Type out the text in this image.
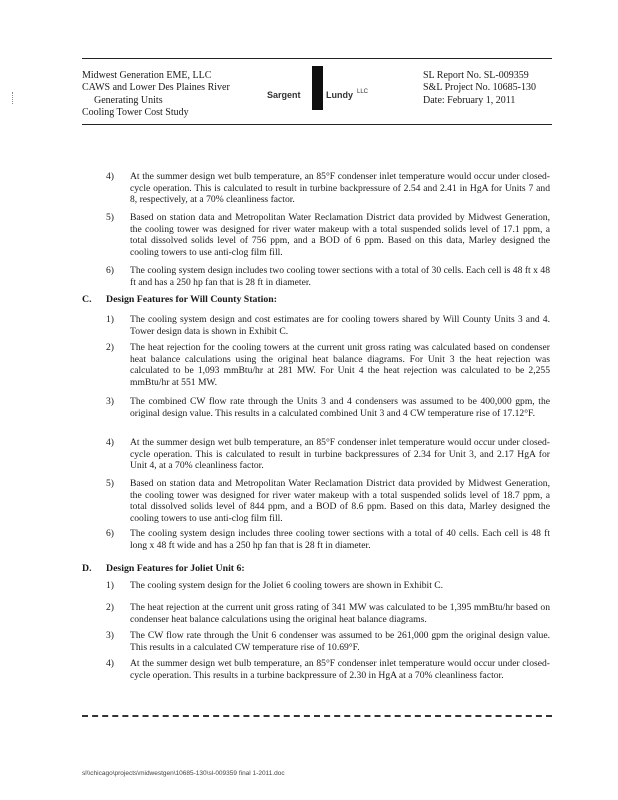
Midwest Generation EME, LLC
CAWS and Lower Des Plaines River
Generating Units
Cooling Tower Cost Study
Sargent	Lundy LLC
SL Report No. SL-009359
S&L Project No. 10685-130
Date: February 1, 2011
4) At the summer design wet bulb temperature, an 85°F condenser inlet temperature would occur under closed-cycle operation. This is calculated to result in turbine backpressure of 2.54 and 2.41 in HgA for Units 7 and 8, respectively, at a 70% cleanliness factor.
5) Based on station data and Metropolitan Water Reclamation District data provided by Midwest Generation, the cooling tower was designed for river water makeup with a total suspended solids level of 17.1 ppm, a total dissolved solids level of 756 ppm, and a BOD of 6 ppm. Based on this data, Marley designed the cooling towers to use anti-clog film fill.
6) The cooling system design includes two cooling tower sections with a total of 30 cells. Each cell is 48 ft x 48 ft and has a 250 hp fan that is 28 ft in diameter.
C. Design Features for Will County Station:
1) The cooling system design and cost estimates are for cooling towers shared by Will County Units 3 and 4. Tower design data is shown in Exhibit C.
2) The heat rejection for the cooling towers at the current unit gross rating was calculated based on condenser heat balance calculations using the original heat balance diagrams. For Unit 3 the heat rejection was calculated to be 1,093 mmBtu/hr at 281 MW. For Unit 4 the heat rejection was calculated to be 2,255 mmBtu/hr at 551 MW.
3) The combined CW flow rate through the Units 3 and 4 condensers was assumed to be 400,000 gpm, the original design value. This results in a calculated combined Unit 3 and 4 CW temperature rise of 17.12°F.
4) At the summer design wet bulb temperature, an 85°F condenser inlet temperature would occur under closed-cycle operation. This is calculated to result in turbine backpressures of 2.34 for Unit 3, and 2.17 HgA for Unit 4, at a 70% cleanliness factor.
5) Based on station data and Metropolitan Water Reclamation District data provided by Midwest Generation, the cooling tower was designed for river water makeup with a total suspended solids level of 18.7 ppm, a total dissolved solids level of 844 ppm, and a BOD of 8.6 ppm. Based on this data, Marley designed the cooling towers to use anti-clog film fill.
6) The cooling system design includes three cooling tower sections with a total of 40 cells. Each cell is 48 ft long x 48 ft wide and has a 250 hp fan that is 28 ft in diameter.
D. Design Features for Joliet Unit 6:
1) The cooling system design for the Joliet 6 cooling towers are shown in Exhibit C.
2) The heat rejection at the current unit gross rating of 341 MW was calculated to be 1,395 mmBtu/hr based on condenser heat balance calculations using the original heat balance diagrams.
3) The CW flow rate through the Unit 6 condenser was assumed to be 261,000 gpm the original design value. This results in a calculated CW temperature rise of 10.69°F.
4) At the summer design wet bulb temperature, an 85°F condenser inlet temperature would occur under closed-cycle operation. This results in a turbine backpressure of 2.30 in HgA at a 70% cleanliness factor.
sl\\chicago\projects\midwestgen\10685-130\sl-009359 final 1-2011.doc
